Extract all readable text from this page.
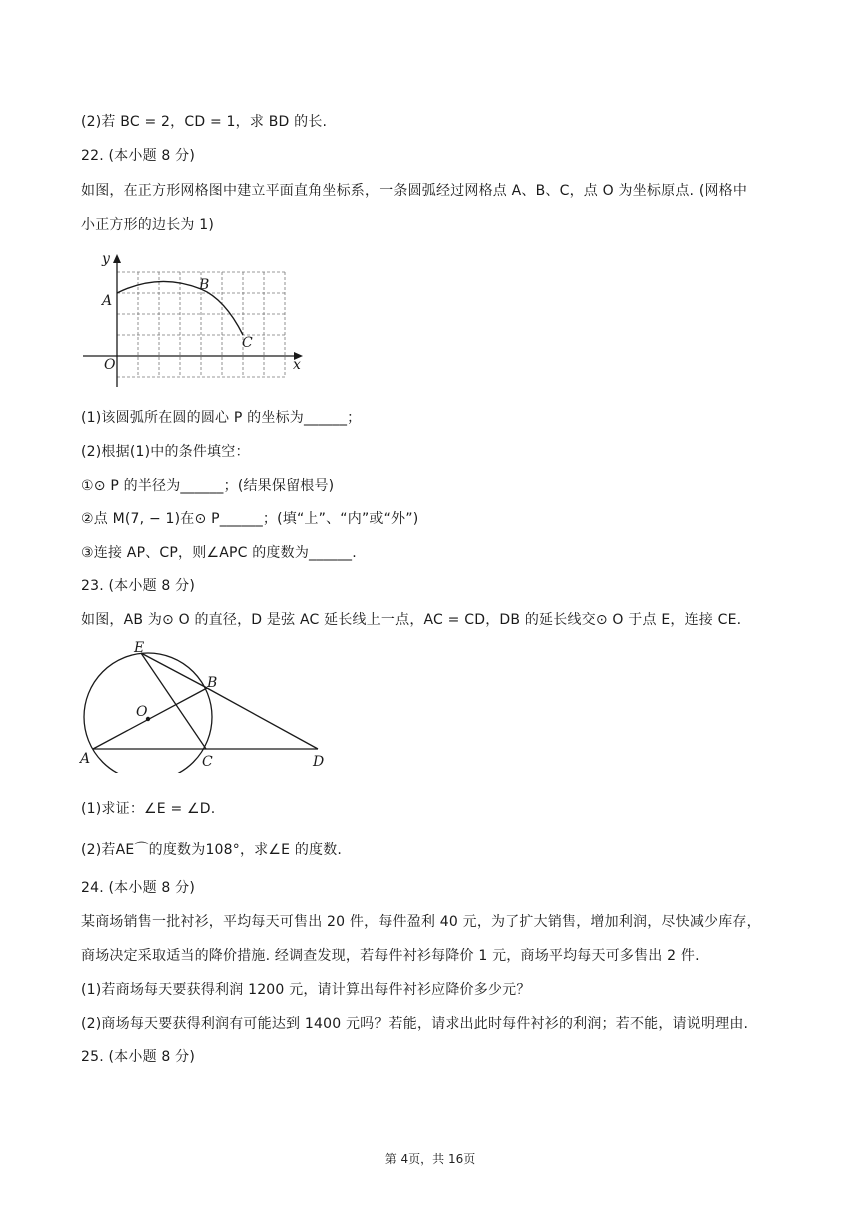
(2)若 BC = 2，CD = 1，求 BD 的长.
22. (本小题 8 分)
如图，在正方形网格图中建立平面直角坐标系，一条圆弧经过网格点 A、B、C，点 O 为坐标原点. (网格中
小正方形的边长为 1)
y
x
A
B
C
O
(1)该圆弧所在圆的圆心 P 的坐标为______；
(2)根据(1)中的条件填空：
①⊙ P 的半径为______；(结果保留根号)
②点 M(7, − 1)在⊙ P______；(填“上”、“内”或“外”)
③连接 AP、CP，则∠APC 的度数为______.
23. (本小题 8 分)
如图，AB 为⊙ O 的直径，D 是弦 AC 延长线上一点，AC = CD，DB 的延长线交⊙ O 于点 E，连接 CE.
E
B
O
A	C	D
(1)求证：∠E = ∠D.
(2)若AE⌒的度数为108°，求∠E 的度数.
24. (本小题 8 分)
某商场销售一批衬衫，平均每天可售出 20 件，每件盈利 40 元，为了扩大销售，增加利润，尽快减少库存，
商场决定采取适当的降价措施. 经调查发现，若每件衬衫每降价 1 元，商场平均每天可多售出 2 件.
(1)若商场每天要获得利润 1200 元，请计算出每件衬衫应降价多少元？
(2)商场每天要获得利润有可能达到 1400 元吗？若能，请求出此时每件衬衫的利润；若不能，请说明理由.
25. (本小题 8 分)
第 4页，共 16页
